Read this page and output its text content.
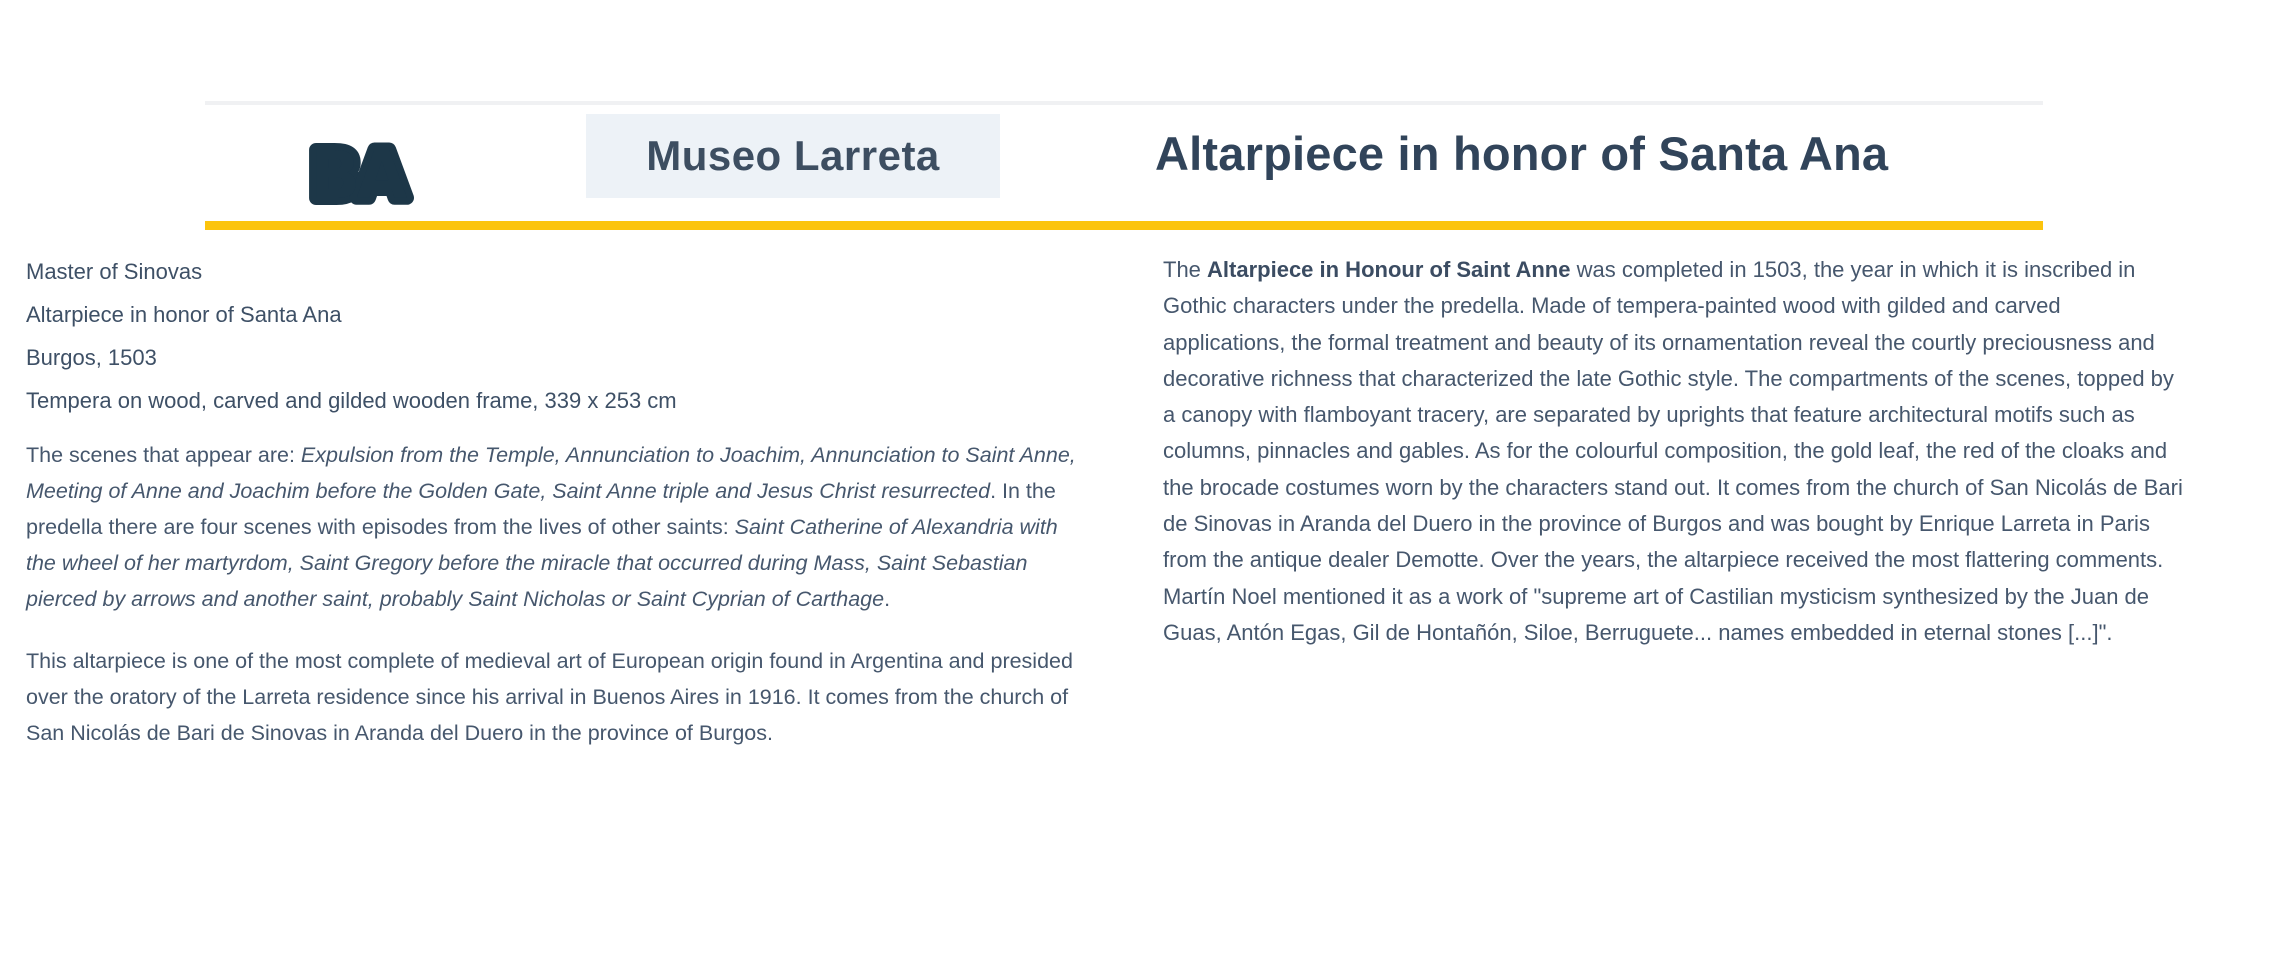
BA	Museo Larreta	Altarpiece in honor of Santa Ana

Master of Sinovas

Altarpiece in honor of Santa Ana

Burgos, 1503

Tempera on wood, carved and gilded wooden frame, 339 x 253 cm

The scenes that appear are: Expulsion from the Temple, Annunciation to Joachim, Annunciation to Saint Anne, Meeting of Anne and Joachim before the Golden Gate, Saint Anne triple and Jesus Christ resurrected. In the predella there are four scenes with episodes from the lives of other saints: Saint Catherine of Alexandria with the wheel of her martyrdom, Saint Gregory before the miracle that occurred during Mass, Saint Sebastian pierced by arrows and another saint, probably Saint Nicholas or Saint Cyprian of Carthage.

This altarpiece is one of the most complete of medieval art of European origin found in Argentina and presided over the oratory of the Larreta residence since his arrival in Buenos Aires in 1916. It comes from the church of San Nicolás de Bari de Sinovas in Aranda del Duero in the province of Burgos.

The Altarpiece in Honour of Saint Anne was completed in 1503, the year in which it is inscribed in Gothic characters under the predella. Made of tempera-painted wood with gilded and carved applications, the formal treatment and beauty of its ornamentation reveal the courtly preciousness and decorative richness that characterized the late Gothic style. The compartments of the scenes, topped by a canopy with flamboyant tracery, are separated by uprights that feature architectural motifs such as columns, pinnacles and gables. As for the colourful composition, the gold leaf, the red of the cloaks and the brocade costumes worn by the characters stand out. It comes from the church of San Nicolás de Bari de Sinovas in Aranda del Duero in the province of Burgos and was bought by Enrique Larreta in Paris from the antique dealer Demotte. Over the years, the altarpiece received the most flattering comments. Martín Noel mentioned it as a work of "supreme art of Castilian mysticism synthesized by the Juan de Guas, Antón Egas, Gil de Hontañón, Siloe, Berruguete... names embedded in eternal stones [...]".
